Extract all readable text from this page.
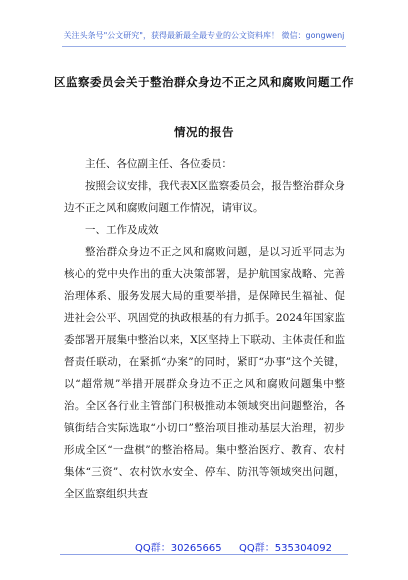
关注头条号"公文研究"，获得最新最全最专业的公文资料库！ 微信：gongwenj
区监察委员会关于整治群众身边不正之风和腐败问题工作
情况的报告

主任、各位副主任、各位委员：

按照会议安排，我代表X区监察委员会，报告整治群众身边不正之风和腐败问题工作情况，请审议。

一、工作及成效

整治群众身边不正之风和腐败问题，是以习近平同志为核心的党中央作出的重大决策部署，是护航国家战略、完善治理体系、服务发展大局的重要举措，是保障民生福祉、促进社会公平、巩固党的执政根基的有力抓手。2024年国家监委部署开展集中整治以来，X区坚持上下联动、主体责任和监督责任联动，在紧抓“办案”的同时，紧盯“办事”这个关键，以“超常规”举措开展群众身边不正之风和腐败问题集中整治。全区各行业主管部门积极推动本领域突出问题整治，各镇街结合实际选取“小切口”整治项目推动基层大治理，初步形成全区“一盘棋”的整治格局。集中整治医疗、教育、农村集体“三资”、农村饮水安全、停车、防汛等领域突出问题，全区监察组织共查

QQ群：30265665 QQ群：535304092
